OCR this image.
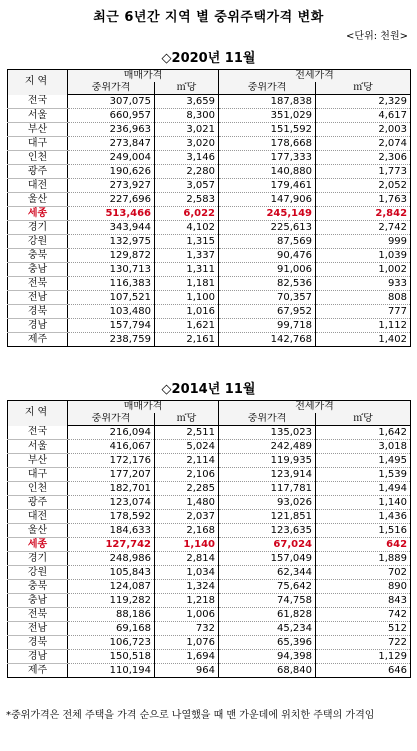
최근 6년간 지역 별 중위주택가격 변화
<단위: 천원>
◇2020년 11월
지역	매매가격		전세가격	
	중위가격	㎡당	중위가격	㎡당
전국	307,075	3,659	187,838	2,329
서울	660,957	8,300	351,029	4,617
부산	236,963	3,021	151,592	2,003
대구	273,847	3,020	178,668	2,074
인천	249,004	3,146	177,333	2,306
광주	190,626	2,280	140,880	1,773
대전	273,927	3,057	179,461	2,052
울산	227,696	2,583	147,906	1,763
세종	513,466	6,022	245,149	2,842
경기	343,944	4,102	225,613	2,742
강원	132,975	1,315	87,569	999
충북	129,872	1,337	90,476	1,039
충남	130,713	1,311	91,006	1,002
전북	116,383	1,181	82,536	933
전남	107,521	1,100	70,357	808
경북	103,480	1,016	67,952	777
경남	157,794	1,621	99,718	1,112
제주	238,759	2,161	142,768	1,402
◇2014년 11월
지역	매매가격		전세가격	
	중위가격	㎡당	중위가격	㎡당
전국	216,094	2,511	135,023	1,642
서울	416,067	5,024	242,489	3,018
부산	172,176	2,114	119,935	1,495
대구	177,207	2,106	123,914	1,539
인천	182,701	2,285	117,781	1,494
광주	123,074	1,480	93,026	1,140
대전	178,592	2,037	121,851	1,436
울산	184,633	2,168	123,635	1,516
세종	127,742	1,140	67,024	642
경기	248,986	2,814	157,049	1,889
강원	105,843	1,034	62,344	702
충북	124,087	1,324	75,642	890
충남	119,282	1,218	74,758	843
전북	88,186	1,006	61,828	742
전남	69,168	732	45,234	512
경북	106,723	1,076	65,396	722
경남	150,518	1,694	94,398	1,129
제주	110,194	964	68,840	646
*중위가격은 전체 주택을 가격 순으로 나열했을 때 맨 가운데에 위치한 주택의 가격임
